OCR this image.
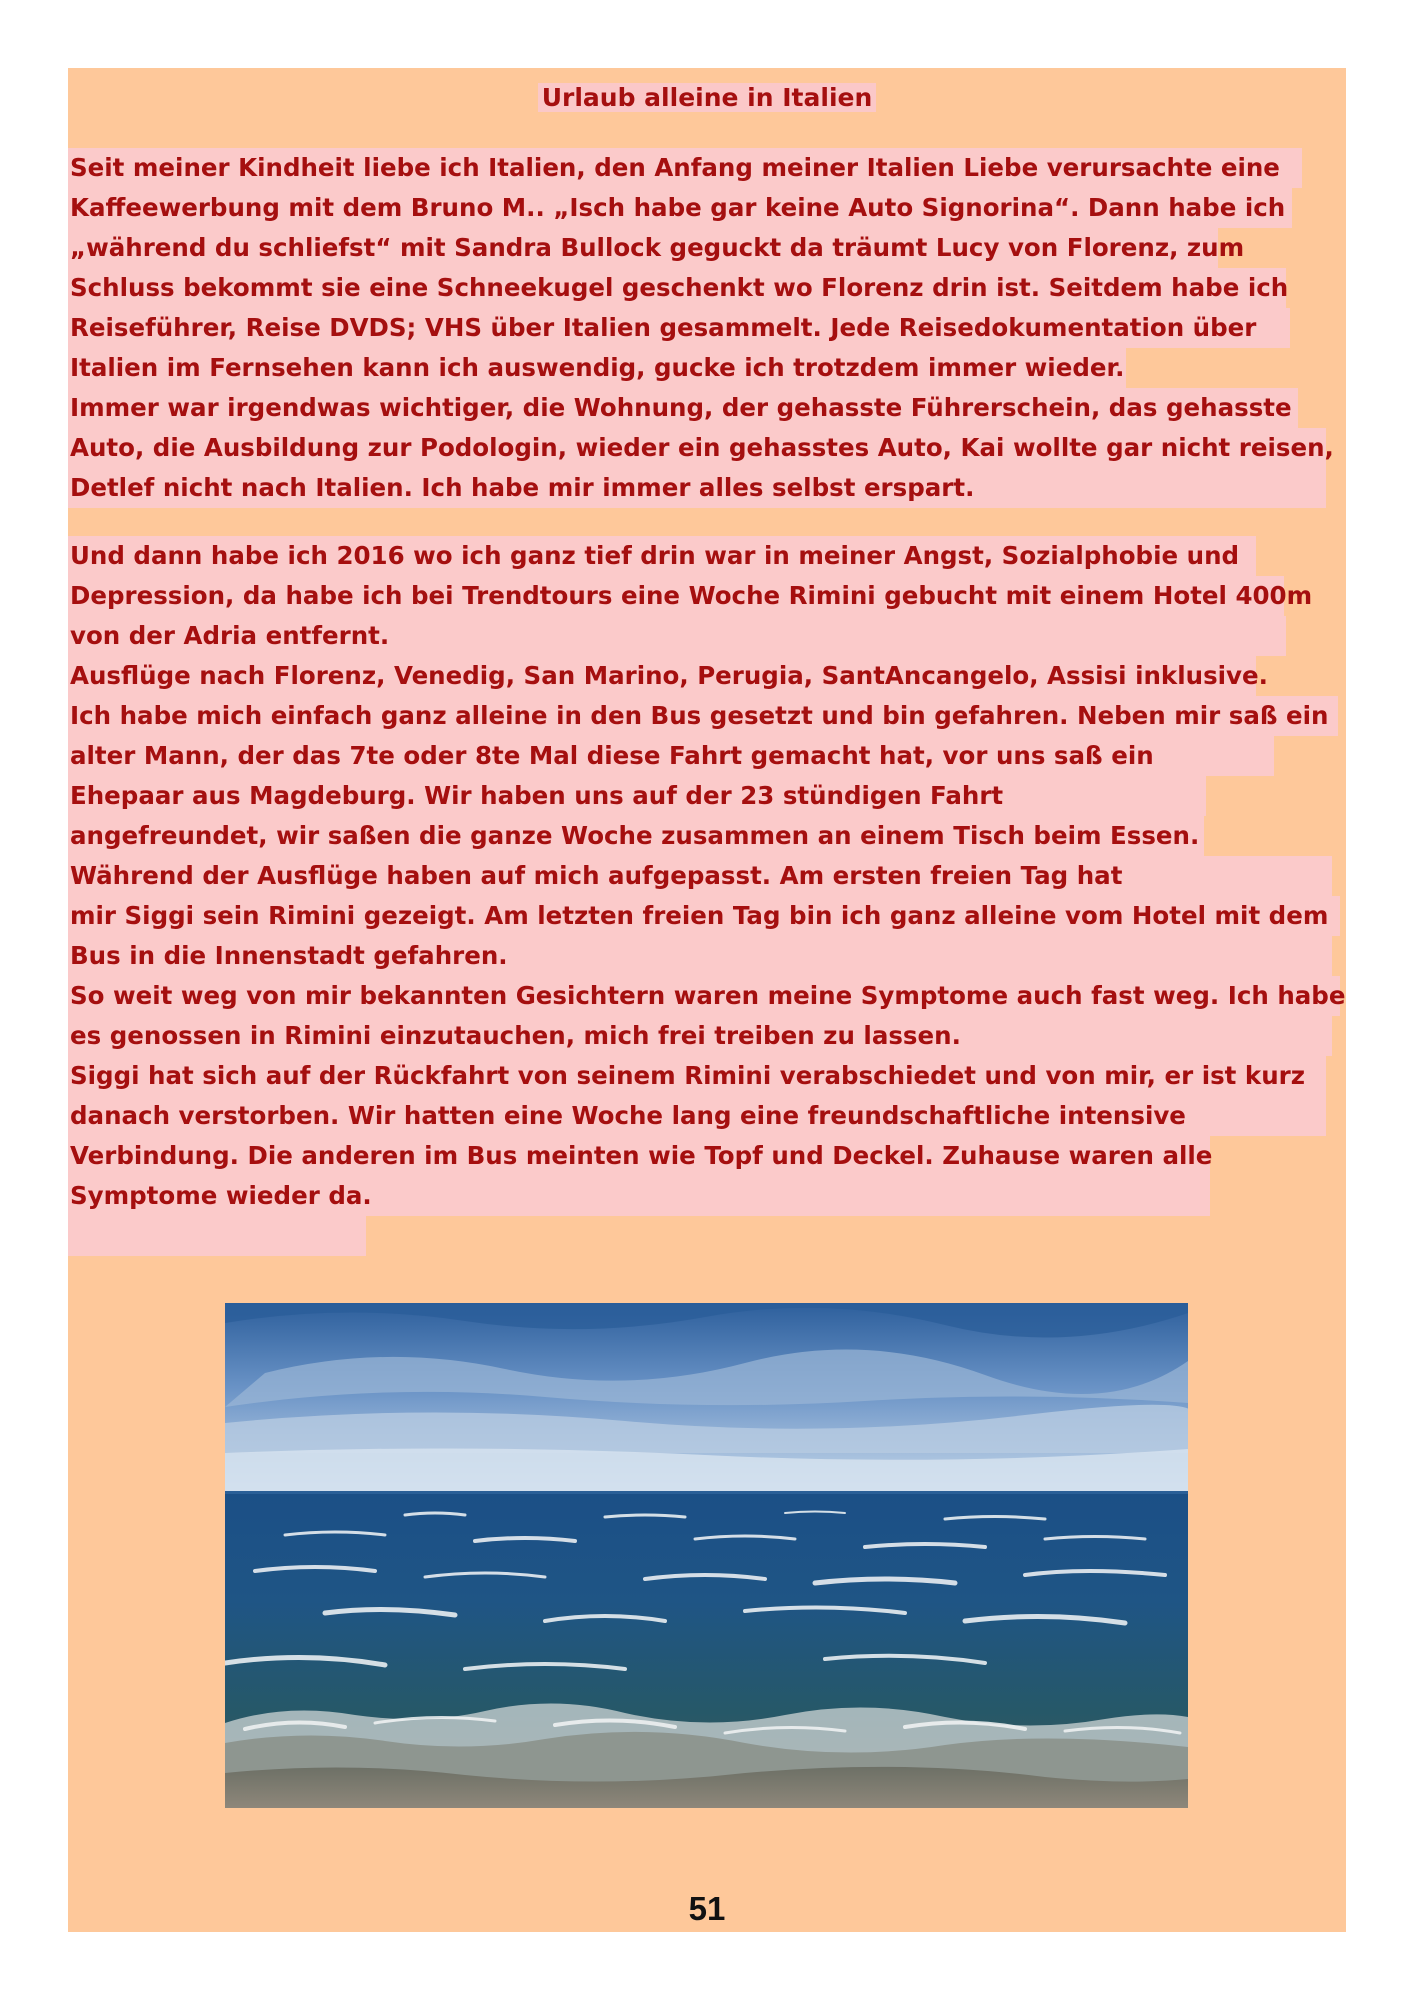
Urlaub alleine in Italien
Seit meiner Kindheit liebe ich Italien, den Anfang meiner Italien Liebe verursachte eine
Kaffeewerbung mit dem Bruno M.. „Isch habe gar keine Auto Signorina“. Dann habe ich
„während du schliefst“ mit Sandra Bullock geguckt da träumt Lucy von Florenz, zum
Schluss bekommt sie eine Schneekugel geschenkt wo Florenz drin ist. Seitdem habe ich
Reiseführer, Reise DVDS; VHS über Italien gesammelt. Jede Reisedokumentation über
Italien im Fernsehen kann ich auswendig, gucke ich trotzdem immer wieder.
Immer war irgendwas wichtiger, die Wohnung, der gehasste Führerschein, das gehasste
Auto, die Ausbildung zur Podologin, wieder ein gehasstes Auto, Kai wollte gar nicht reisen,
Detlef nicht nach Italien. Ich habe mir immer alles selbst erspart.
Und dann habe ich 2016 wo ich ganz tief drin war in meiner Angst, Sozialphobie und
Depression, da habe ich bei Trendtours eine Woche Rimini gebucht mit einem Hotel 400m
von der Adria entfernt.
Ausflüge nach Florenz, Venedig, San Marino, Perugia, SantAncangelo, Assisi inklusive.
Ich habe mich einfach ganz alleine in den Bus gesetzt und bin gefahren. Neben mir saß ein
alter Mann, der das 7te oder 8te Mal diese Fahrt gemacht hat, vor uns saß ein
Ehepaar aus Magdeburg. Wir haben uns auf der 23 stündigen Fahrt
angefreundet, wir saßen die ganze Woche zusammen an einem Tisch beim Essen.
Während der Ausflüge haben auf mich aufgepasst. Am ersten freien Tag hat
mir Siggi sein Rimini gezeigt. Am letzten freien Tag bin ich ganz alleine vom Hotel mit dem
Bus in die Innenstadt gefahren.
So weit weg von mir bekannten Gesichtern waren meine Symptome auch fast weg. Ich habe
es genossen in Rimini einzutauchen, mich frei treiben zu lassen.
Siggi hat sich auf der Rückfahrt von seinem Rimini verabschiedet und von mir, er ist kurz
danach verstorben. Wir hatten eine Woche lang eine freundschaftliche intensive
Verbindung. Die anderen im Bus meinten wie Topf und Deckel. Zuhause waren alle
Symptome wieder da.
51
